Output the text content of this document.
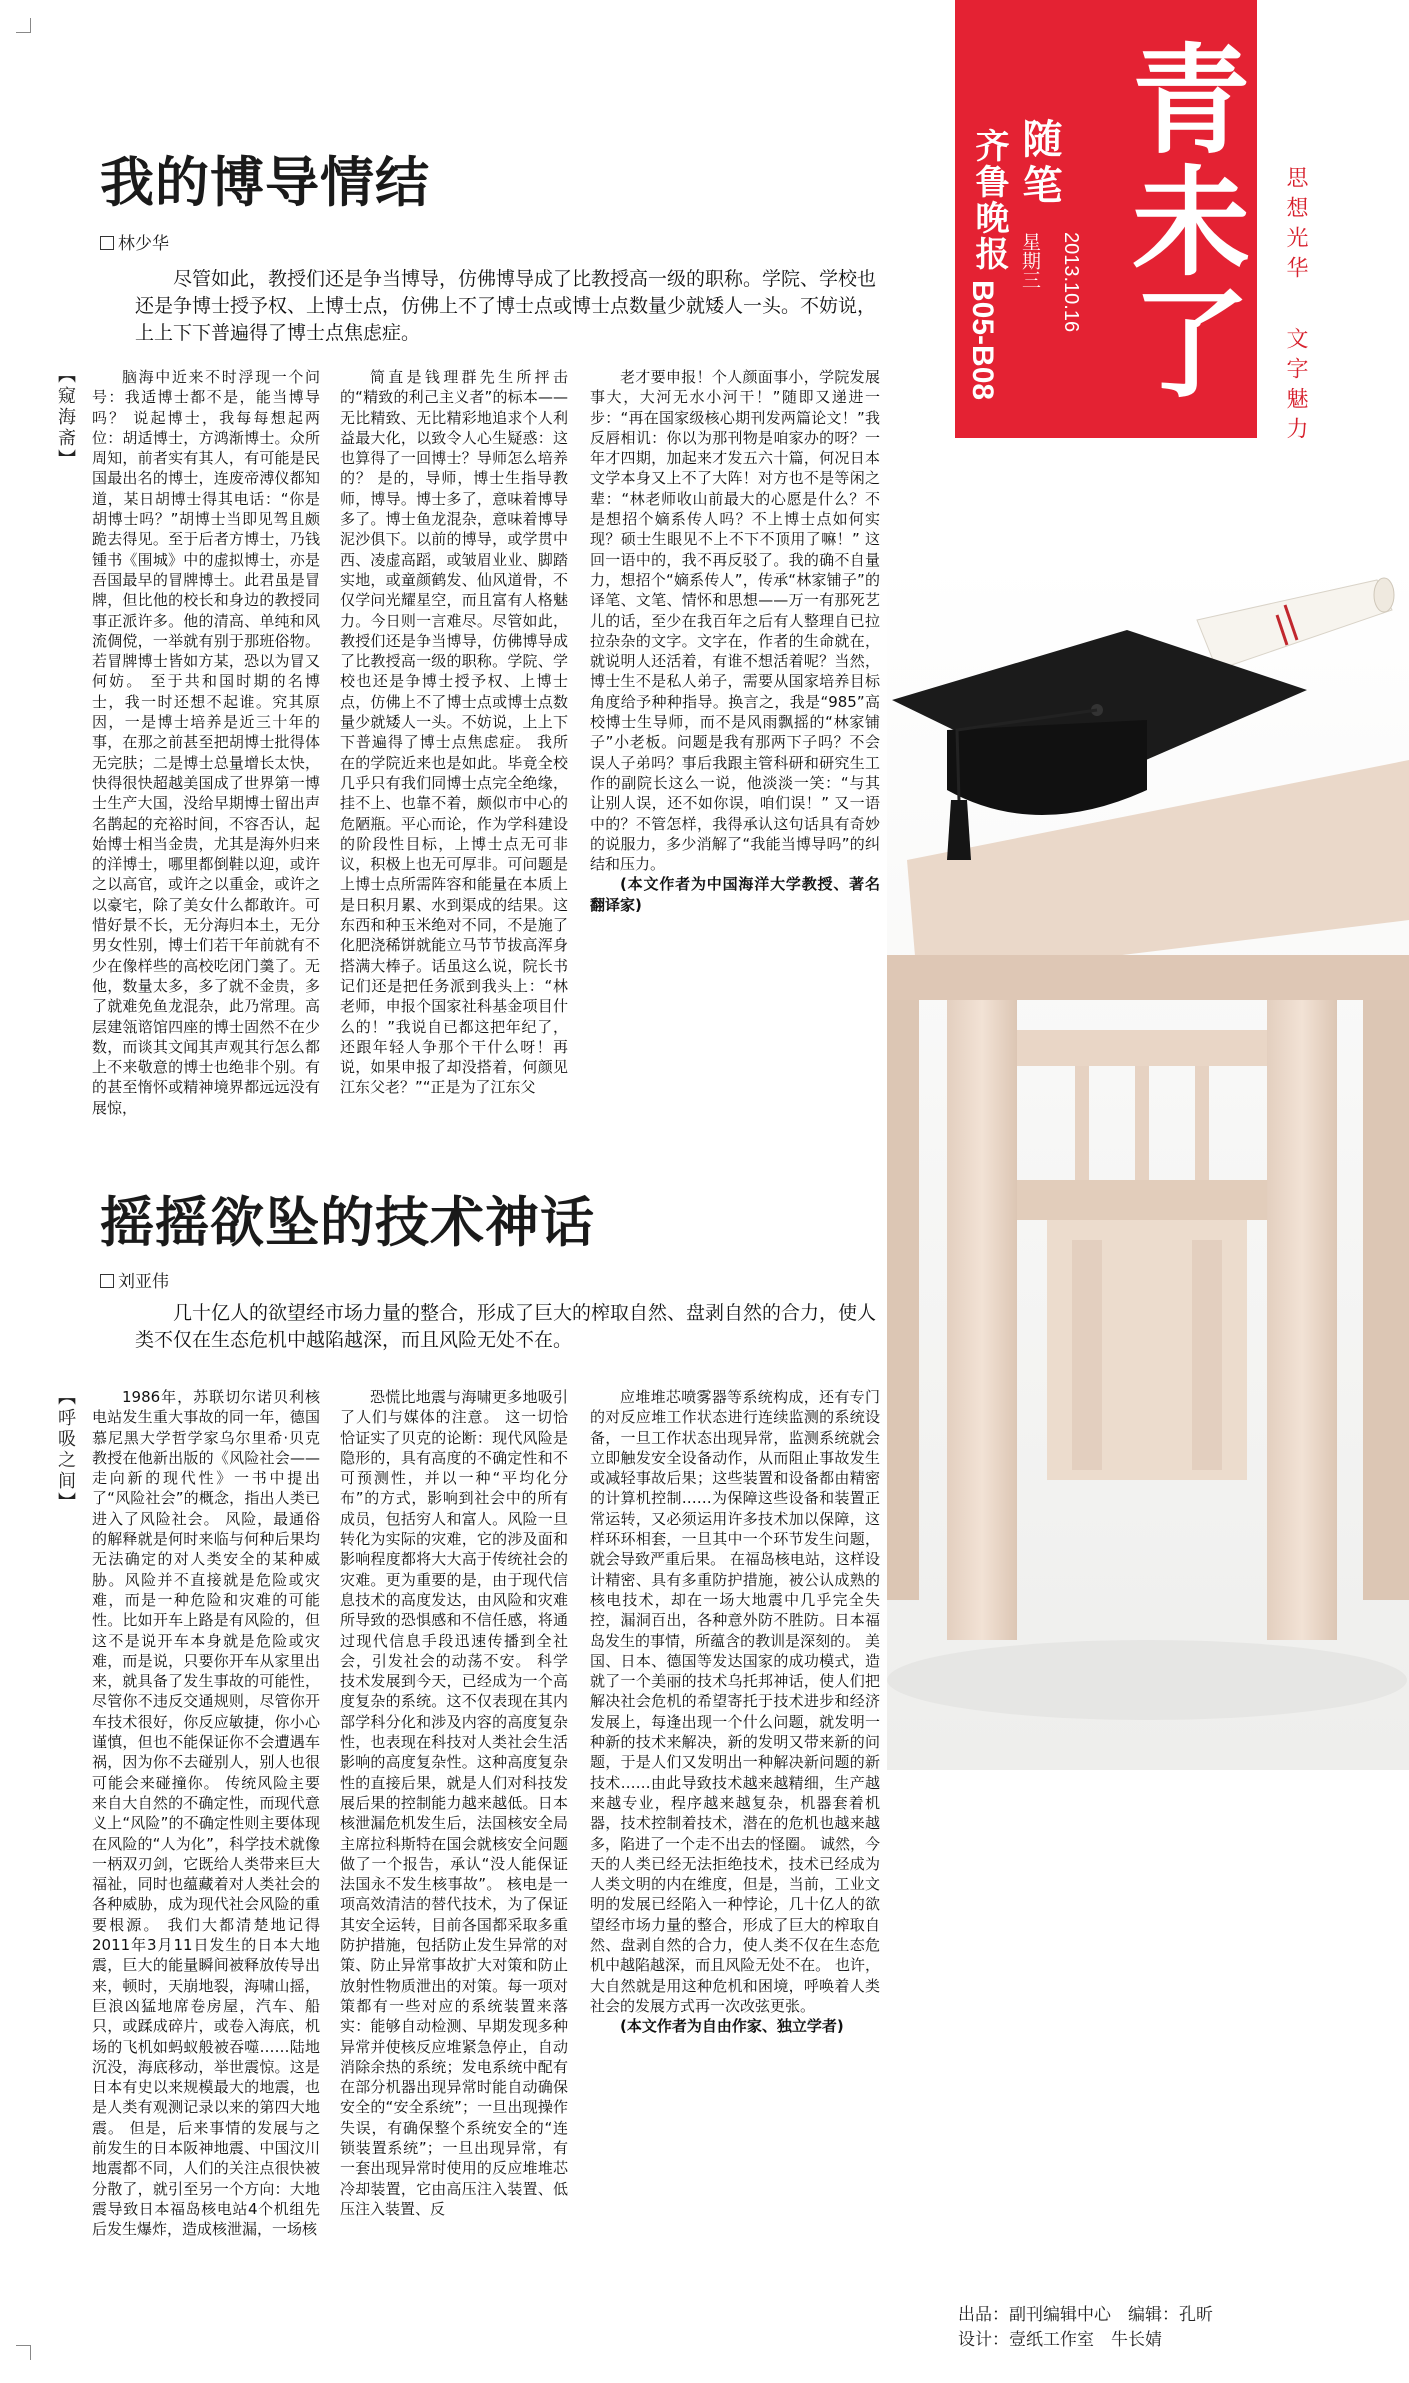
青未了
齐鲁晚报
B05-B08
随笔
星期三 2013.10.16	思想光华 文字魅力
我的博导情结
林少华
尽管如此，教授们还是争当博导，仿佛博导成了比教授高一级的职称。学院、学校也还是争博士授予权、上博士点，仿佛上不了博士点或博士点数量少就矮人一头。不妨说，上上下下普遍得了博士点焦虑症。
【窥海斋】	脑海中近来不时浮现一个问号：我适博士都不是，能当博导吗？ 说起博士，我每每想起两位：胡适博士，方鸿渐博士。众所周知，前者实有其人，有可能是民国最出名的博士，连废帝溥仪都知道，某日胡博士得其电话：“你是胡博士吗？”胡博士当即见驾且颇跪去得见。至于后者方博士，乃钱锺书《围城》中的虚拟博士，亦是吾国最早的冒牌博士。此君虽是冒牌，但比他的校长和身边的教授同事正派许多。他的清高、单纯和风流倜傥，一举就有别于那班俗物。若冒牌博士皆如方某，恐以为冒又何妨。 至于共和国时期的名博士，我一时还想不起谁。究其原因，一是博士培养是近三十年的事，在那之前甚至把胡博士批得体无完肤；二是博士总量增长太快，快得很快超越美国成了世界第一博士生产大国，没给早期博士留出声名鹊起的充裕时间，不容否认，起始博士相当金贵，尤其是海外归来的洋博士，哪里都倒鞋以迎，或许之以高官，或许之以重金，或许之以豪宅，除了美女什么都敢许。可惜好景不长，无分海归本土，无分男女性别，博士们若干年前就有不少在像样些的高校吃闭门羹了。无他，数量太多，多了就不金贵，多了就难免鱼龙混杂，此乃常理。高层建瓴谘馆四座的博士固然不在少数，而谈其文闻其声观其行怎么都上不来敬意的博士也绝非个别。有的甚至惰怀或精神境界都远远没有展惊，
简直是钱理群先生所抨击的“精致的利己主义者”的标本——无比精致、无比精彩地追求个人利益最大化，以致令人心生疑惑：这也算得了一回博士？导师怎么培养的？ 是的，导师，博士生指导教师，博导。博士多了，意味着博导多了。博士鱼龙混杂，意味着博导泥沙俱下。以前的博导，或学贯中西、凌虚高蹈，或皱眉业业、脚踏实地，或童颜鹤发、仙风道骨，不仅学问光耀星空，而且富有人格魅力。今日则一言难尽。尽管如此，教授们还是争当博导，仿佛博导成了比教授高一级的职称。学院、学校也还是争博士授予权、上博士点，仿佛上不了博士点或博士点数量少就矮人一头。不妨说，上上下下普遍得了博士点焦虑症。 我所在的学院近来也是如此。毕竟全校几乎只有我们同博士点完全绝缘，挂不上、也靠不着，颇似市中心的危陋瓶。平心而论，作为学科建设的阶段性目标，上博士点无可非议，积极上也无可厚非。可问题是上博士点所需阵容和能量在本质上是日积月累、水到渠成的结果。这东西和种玉米绝对不同，不是施了化肥浇稀饼就能立马节节拔高浑身搭满大棒子。话虽这么说，院长书记们还是把任务派到我头上：“林老师，申报个国家社科基金项目什么的！”我说自已都这把年纪了，还跟年轻人争那个干什么呀！再说，如果申报了却没搭着，何颜见江东父老？”“正是为了江东父
老才要申报！个人颜面事小，学院发展事大，大河无水小河干！”随即又递进一步：“再在国家级核心期刊发两篇论文！”我反唇相讥：你以为那刊物是咱家办的呀？一年才四期，加起来才发五六十篇，何况日本文学本身又上不了大阵！对方也不是等闲之辈：“林老师收山前最大的心愿是什么？不是想招个嫡系传人吗？不上博士点如何实现？硕士生眼见不上不下不顶用了嘛！” 这回一语中的，我不再反驳了。我的确不自量力，想招个“嫡系传人”，传承“林家铺子”的译笔、文笔、情怀和思想——万一有那死艺儿的话，至少在我百年之后有人整理自已拉拉杂杂的文字。文字在，作者的生命就在，就说明人还活着，有谁不想活着呢？当然，博士生不是私人弟子，需要从国家培养目标角度给予种种指导。换言之，我是“985”高校博士生导师，而不是风雨飘摇的“林家铺子”小老板。问题是我有那两下子吗？不会误人子弟吗？事后我跟主管科研和研究生工作的副院长这么一说，他淡淡一笑：“与其让别人误，还不如你误，咱们误！” 又一语中的？不管怎样，我得承认这句话具有奇妙的说服力，多少消解了“我能当博导吗”的纠结和压力。
(本文作者为中国海洋大学教授、著名翻译家)
摇摇欲坠的技术神话
刘亚伟
几十亿人的欲望经市场力量的整合，形成了巨大的榨取自然、盘剥自然的合力，使人类不仅在生态危机中越陷越深，而且风险无处不在。
【呼吸之间】	1986年，苏联切尔诺贝利核电站发生重大事故的同一年，德国慕尼黑大学哲学家乌尔里希·贝克教授在他新出版的《风险社会——走向新的现代性》一书中提出了“风险社会”的概念，指出人类已进入了风险社会。 风险，最通俗的解释就是何时来临与何种后果均无法确定的对人类安全的某种威胁。风险并不直接就是危险或灾难，而是一种危险和灾难的可能性。比如开车上路是有风险的，但这不是说开车本身就是危险或灾难，而是说，只要你开车从家里出来，就具备了发生事故的可能性，尽管你不违反交通规则，尽管你开车技术很好，你反应敏捷，你小心谨慎，但也不能保证你不会遭遇车祸，因为你不去碰别人，别人也很可能会来碰撞你。 传统风险主要来自大自然的不确定性，而现代意义上“风险”的不确定性则主要体现在风险的“人为化”，科学技术就像一柄双刃剑，它既给人类带来巨大福祉，同时也蕴藏着对人类社会的各种威胁，成为现代社会风险的重要根源。 我们大都清楚地记得2011年3月11日发生的日本大地震，巨大的能量瞬间被释放传导出来，顿时，天崩地裂，海啸山摇，巨浪凶猛地席卷房屋，汽车、船只，或蹂成碎片，或卷入海底，机场的飞机如蚂蚁般被吞噬……陆地沉没，海底移动，举世震惊。这是日本有史以来规模最大的地震，也是人类有观测记录以来的第四大地震。 但是，后来事情的发展与之前发生的日本阪神地震、中国汶川地震都不同，人们的关注点很快被分散了，就引至另一个方向：大地震导致日本福岛核电站4个机组先后发生爆炸，造成核泄漏，一场核
恐慌比地震与海啸更多地吸引了人们与媒体的注意。 这一切恰恰证实了贝克的论断：现代风险是隐形的，具有高度的不确定性和不可预测性，并以一种“平均化分布”的方式，影响到社会中的所有成员，包括穷人和富人。风险一旦转化为实际的灾难，它的涉及面和影响程度都将大大高于传统社会的灾难。更为重要的是，由于现代信息技术的高度发达，由风险和灾难所导致的恐惧感和不信任感，将通过现代信息手段迅速传播到全社会，引发社会的动荡不安。 科学技术发展到今天，已经成为一个高度复杂的系统。这不仅表现在其内部学科分化和涉及内容的高度复杂性，也表现在科技对人类社会生活影响的高度复杂性。这种高度复杂性的直接后果，就是人们对科技发展后果的控制能力越来越低。日本核泄漏危机发生后，法国核安全局主席拉科斯特在国会就核安全问题做了一个报告，承认“没人能保证法国永不发生核事故”。 核电是一项高效清洁的替代技术，为了保证其安全运转，目前各国都采取多重防护措施，包括防止发生异常的对策、防止异常事故扩大对策和防止放射性物质泄出的对策。每一项对策都有一些对应的系统装置来落实：能够自动检测、早期发现多种异常并使核反应堆紧急停止，自动消除余热的系统；发电系统中配有在部分机器出现异常时能自动确保安全的“安全系统”；一旦出现操作失误，有确保整个系统安全的“连锁装置系统”；一旦出现异常，有一套出现异常时使用的反应堆堆芯冷却装置，它由高压注入装置、低压注入装置、反
应堆堆芯喷雾器等系统构成，还有专门的对反应堆工作状态进行连续监测的系统设备，一旦工作状态出现异常，监测系统就会立即触发安全设备动作，从而阻止事故发生或减轻事故后果；这些装置和设备都由精密的计算机控制……为保障这些设备和装置正常运转，又必须运用许多技术加以保障，这样环环相套，一旦其中一个环节发生问题，就会导致严重后果。 在福岛核电站，这样设计精密、具有多重防护措施，被公认成熟的核电技术，却在一场大地震中几乎完全失控，漏洞百出，各种意外防不胜防。日本福岛发生的事情，所蕴含的教训是深刻的。 美国、日本、德国等发达国家的成功模式，造就了一个美丽的技术乌托邦神话，使人们把解决社会危机的希望寄托于技术进步和经济发展上，每逢出现一个什么问题，就发明一种新的技术来解决，新的发明又带来新的问题，于是人们又发明出一种解决新问题的新技术……由此导致技术越来越精细，生产越来越专业，程序越来越复杂，机器套着机器，技术控制着技术，潜在的危机也越来越多，陷进了一个走不出去的怪圈。 诚然，今天的人类已经无法拒绝技术，技术已经成为人类文明的内在维度，但是，当前，工业文明的发展已经陷入一种悖论，几十亿人的欲望经市场力量的整合，形成了巨大的榨取自然、盘剥自然的合力，使人类不仅在生态危机中越陷越深，而且风险无处不在。 也许，大自然就是用这种危机和困境，呼唤着人类社会的发展方式再一次改弦更张。
(本文作者为自由作家、独立学者)
出品：副刊编辑中心　编辑：孔昕
设计：壹纸工作室　牛长婧
